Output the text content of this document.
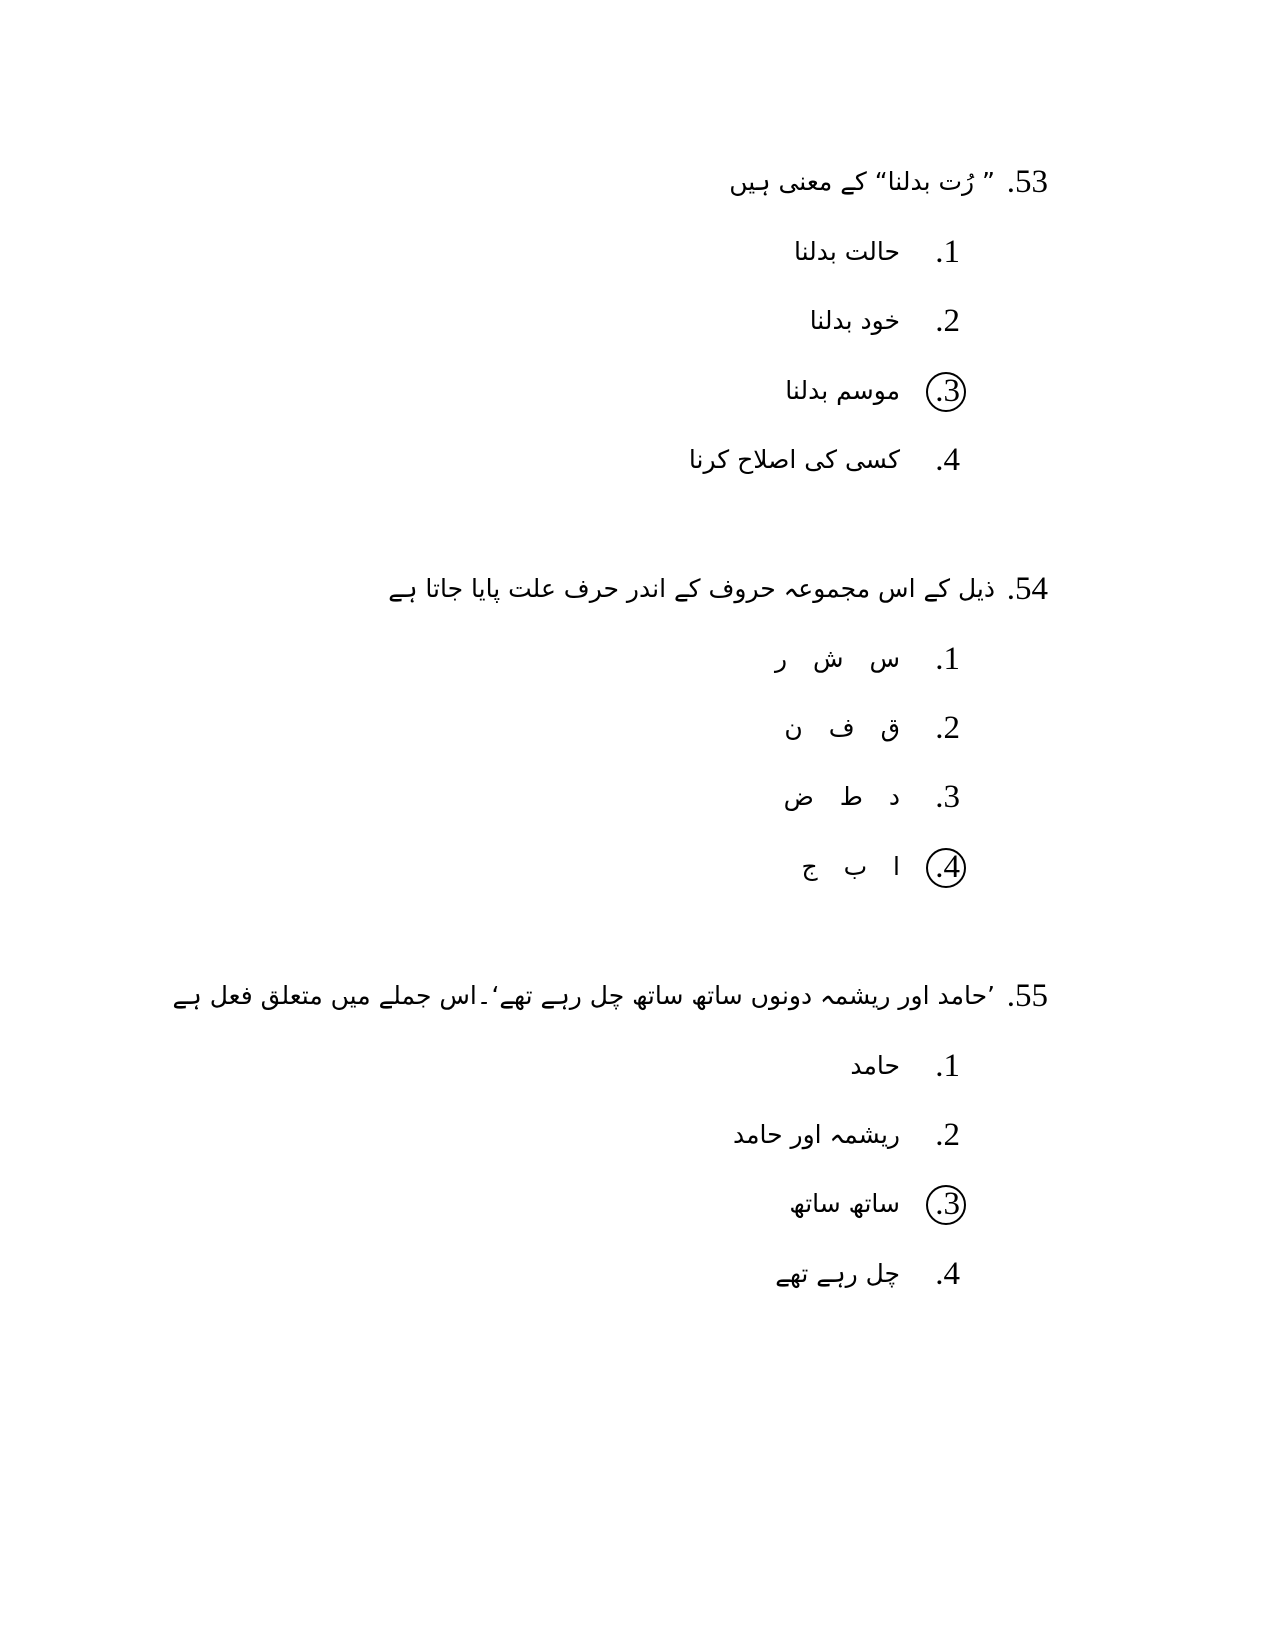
.53
” رُت بدلنا“ کے معنی ہیں
.1
حالت بدلنا
.2
خود بدلنا
.3
موسم بدلنا
.4
کسی کی اصلاح کرنا
.54
ذیل کے اس مجموعہ حروف کے اندر حرف علت پایا جاتا ہے
.1
س ش ر
.2
ق ف ن
.3
د ط ض
.4
ا ب ج
.55
’حامد اور ریشمہ دونوں ساتھ ساتھ چل رہے تھے‘۔اس جملے میں متعلق فعل ہے
.1
حامد
.2
ریشمہ اور حامد
.3
ساتھ ساتھ
.4
چل رہے تھے
